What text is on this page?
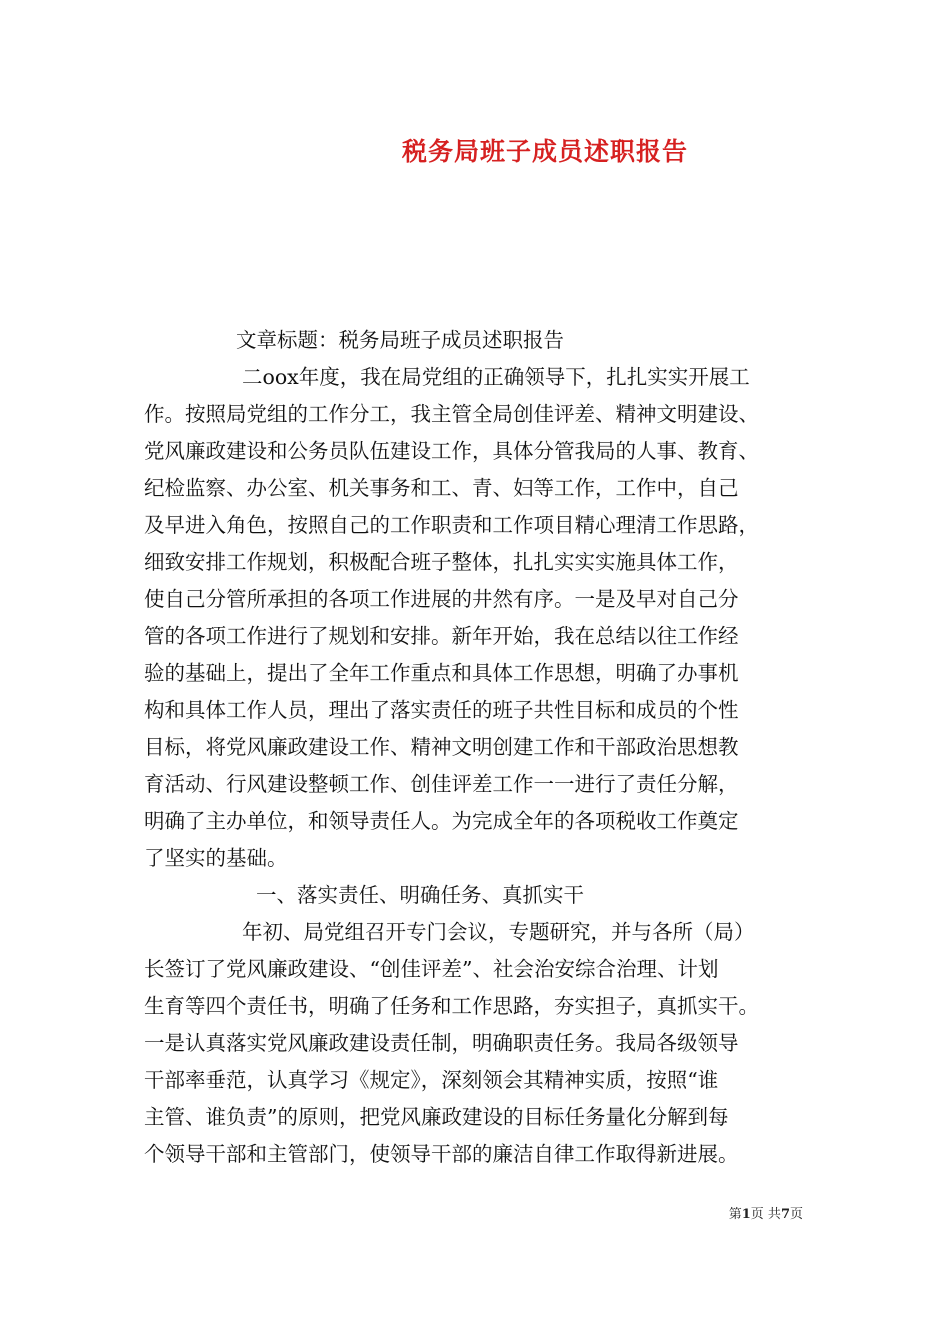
税务局班子成员述职报告
文章标题：税务局班子成员述职报告
二oox年度，我在局党组的正确领导下，扎扎实实开展工
作。按照局党组的工作分工，我主管全局创佳评差、精神文明建设、
党风廉政建设和公务员队伍建设工作，具体分管我局的人事、教育、
纪检监察、办公室、机关事务和工、青、妇等工作，工作中，自己
及早进入角色，按照自己的工作职责和工作项目精心理清工作思路，
细致安排工作规划，积极配合班子整体，扎扎实实实施具体工作，
使自己分管所承担的各项工作进展的井然有序。一是及早对自己分
管的各项工作进行了规划和安排。新年开始，我在总结以往工作经
验的基础上，提出了全年工作重点和具体工作思想，明确了办事机
构和具体工作人员，理出了落实责任的班子共性目标和成员的个性
目标，将党风廉政建设工作、精神文明创建工作和干部政治思想教
育活动、行风建设整顿工作、创佳评差工作一一进行了责任分解，
明确了主办单位，和领导责任人。为完成全年的各项税收工作奠定
了坚实的基础。
一、落实责任、明确任务、真抓实干
年初、局党组召开专门会议，专题研究，并与各所（局）
长签订了党风廉政建设、“创佳评差”、社会治安综合治理、计划
生育等四个责任书，明确了任务和工作思路，夯实担子，真抓实干。
一是认真落实党风廉政建设责任制，明确职责任务。我局各级领导
干部率垂范，认真学习《规定》，深刻领会其精神实质，按照“谁
主管、谁负责”的原则，把党风廉政建设的目标任务量化分解到每
个领导干部和主管部门，使领导干部的廉洁自律工作取得新进展。
第1页 共7页
